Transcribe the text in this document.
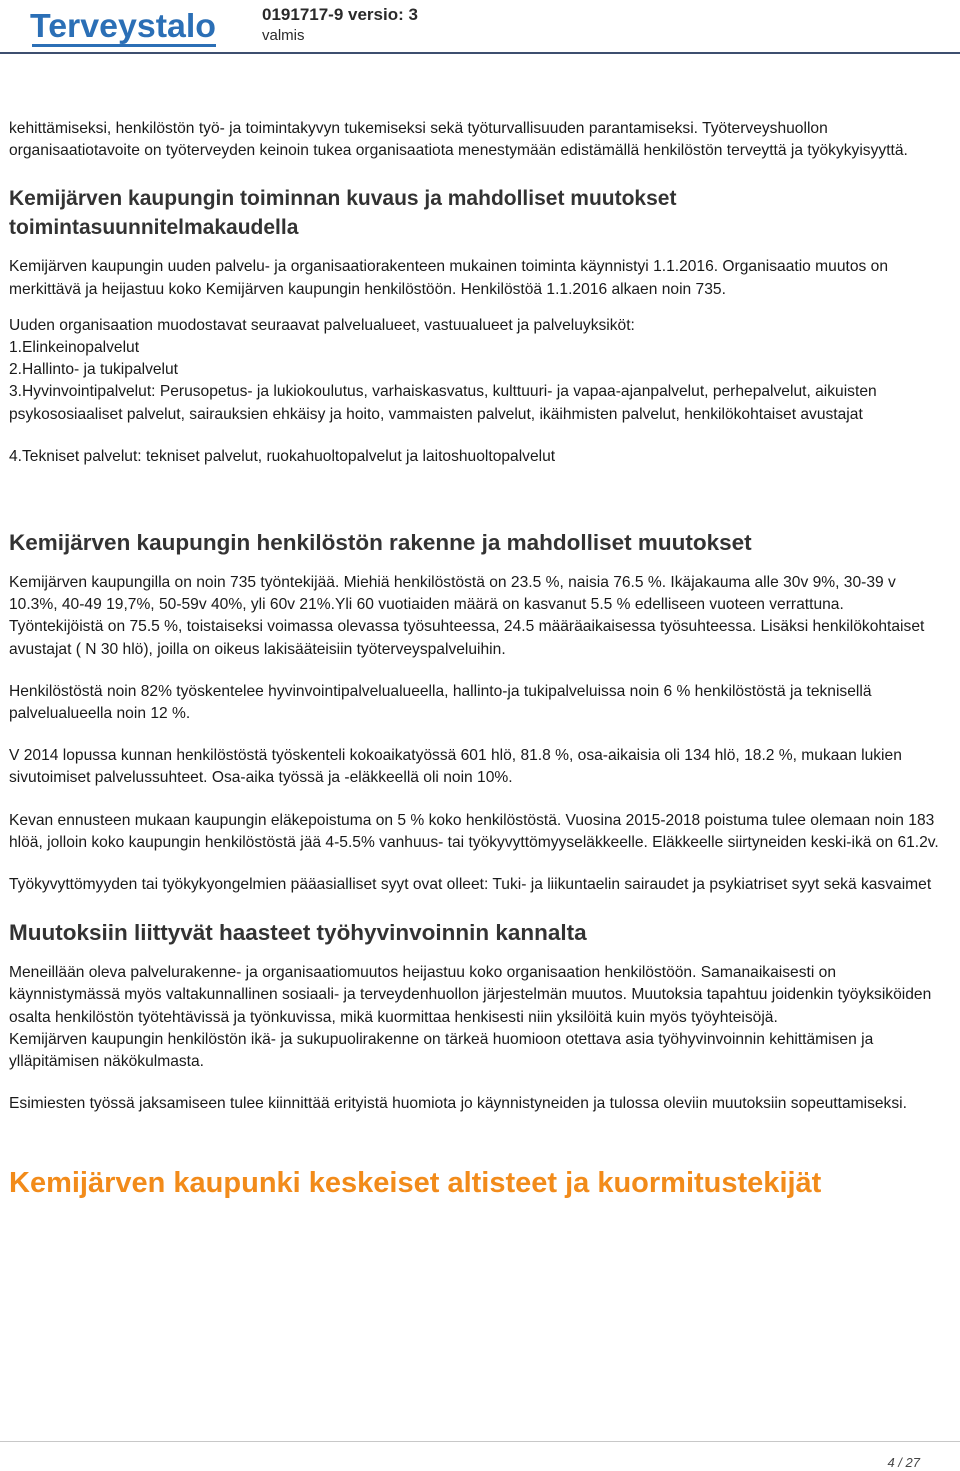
Terveystalo	0191717-9 versio: 3
valmis

kehittämiseksi, henkilöstön työ- ja toimintakyvyn tukemiseksi sekä työturvallisuuden parantamiseksi. Työterveyshuollon organisaatiotavoite on työterveyden keinoin tukea organisaatiota menestymään edistämällä henkilöstön terveyttä ja työkykyisyyttä.

Kemijärven kaupungin toiminnan kuvaus ja mahdolliset muutokset toimintasuunnitelmakaudella

Kemijärven kaupungin uuden palvelu- ja organisaatiorakenteen mukainen toiminta käynnistyi 1.1.2016. Organisaatio muutos on merkittävä ja heijastuu koko Kemijärven kaupungin henkilöstöön. Henkilöstöä 1.1.2016 alkaen noin 735.

Uuden organisaation muodostavat seuraavat palvelualueet, vastuualueet ja palveluyksiköt:

1.Elinkeinopalvelut
2.Hallinto- ja tukipalvelut
3.Hyvinvointipalvelut: Perusopetus- ja lukiokoulutus, varhaiskasvatus, kulttuuri- ja vapaa-ajanpalvelut, perhepalvelut, aikuisten psykososiaaliset palvelut, sairauksien ehkäisy ja hoito, vammaisten palvelut, ikäihmisten palvelut, henkilökohtaiset avustajat

4.Tekniset palvelut: tekniset palvelut, ruokahuoltopalvelut ja laitoshuoltopalvelut

Kemijärven kaupungin henkilöstön rakenne ja mahdolliset muutokset

Kemijärven kaupungilla on noin 735 työntekijää. Miehiä henkilöstöstä on 23.5 %, naisia 76.5 %. Ikäjakauma alle 30v 9%, 30-39 v 10.3%, 40-49 19,7%, 50-59v 40%, yli 60v 21%.Yli 60 vuotiaiden määrä on kasvanut 5.5 % edelliseen vuoteen verrattuna. Työntekijöistä on 75.5 %, toistaiseksi voimassa olevassa työsuhteessa, 24.5 määräaikaisessa työsuhteessa. Lisäksi henkilökohtaiset avustajat ( N 30 hlö), joilla on oikeus lakisääteisiin työterveyspalveluihin.

Henkilöstöstä noin 82% työskentelee hyvinvointipalvelualueella, hallinto-ja tukipalveluissa noin 6 % henkilöstöstä ja teknisellä palvelualueella noin 12 %.

V 2014 lopussa kunnan henkilöstöstä työskenteli kokoaikatyössä 601 hlö, 81.8 %, osa-aikaisia oli 134 hlö, 18.2 %, mukaan lukien sivutoimiset palvelussuhteet. Osa-aika työssä ja -eläkkeellä oli noin 10%.

Kevan ennusteen mukaan kaupungin eläkepoistuma on 5 % koko henkilöstöstä. Vuosina 2015-2018 poistuma tulee olemaan noin 183 hlöä, jolloin koko kaupungin henkilöstöstä jää 4-5.5% vanhuus- tai työkyvyttömyyseläkkeelle. Eläkkeelle siirtyneiden keski-ikä on 61.2v.

Työkyvyttömyyden tai työkykyongelmien pääasialliset syyt ovat olleet: Tuki- ja liikuntaelin sairaudet ja psykiatriset syyt sekä kasvaimet

Muutoksiin liittyvät haasteet työhyvinvoinnin kannalta

Meneillään oleva palvelurakenne- ja organisaatiomuutos heijastuu koko organisaation henkilöstöön. Samanaikaisesti on käynnistymässä myös valtakunnallinen sosiaali- ja terveydenhuollon järjestelmän muutos. Muutoksia tapahtuu joidenkin työyksiköiden osalta henkilöstön työtehtävissä ja työnkuvissa, mikä kuormittaa henkisesti niin yksilöitä kuin myös työyhteisöjä.

Kemijärven kaupungin henkilöstön ikä- ja sukupuolirakenne on tärkeä huomioon otettava asia työhyvinvoinnin kehittämisen ja ylläpitämisen näkökulmasta.

Esimiesten työssä jaksamiseen tulee kiinnittää erityistä huomiota jo käynnistyneiden ja tulossa oleviin muutoksiin sopeuttamiseksi.

Kemijärven kaupunki keskeiset altisteet ja kuormitustekijät
4 / 27
